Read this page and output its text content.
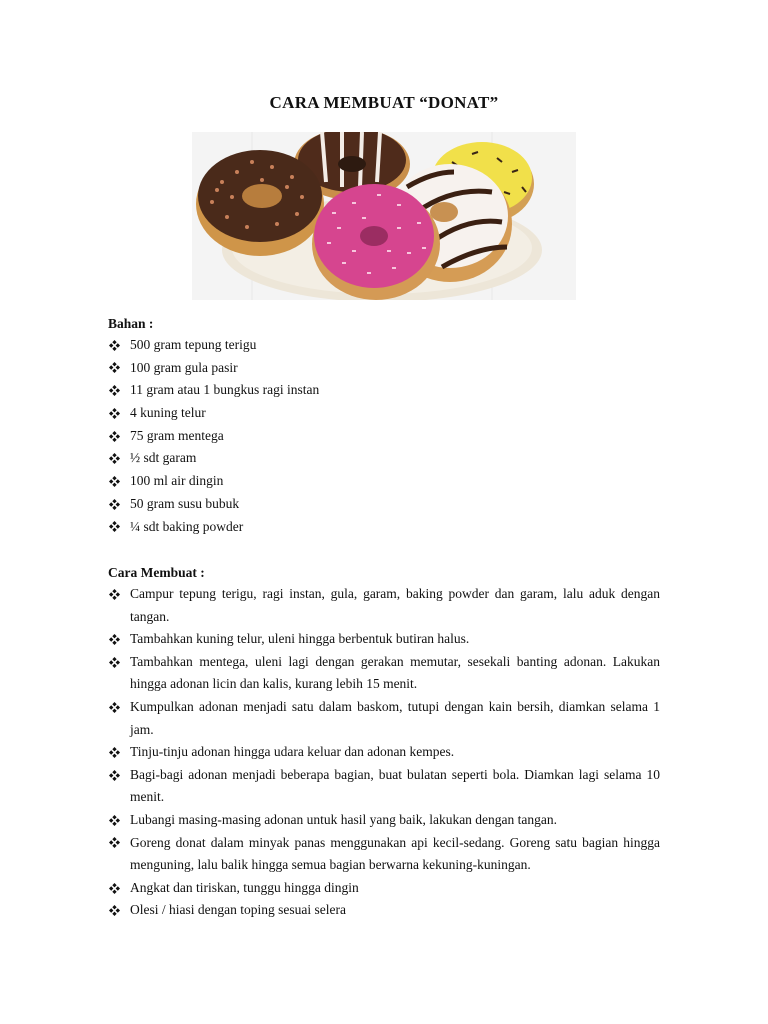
CARA MEMBUAT “DONAT”
Bahan :
500 gram tepung terigu
100 gram gula pasir
11 gram atau 1 bungkus ragi instan
4 kuning telur
75 gram mentega
½ sdt garam
100 ml air dingin
50 gram susu bubuk
¼ sdt baking powder
Cara Membuat :
Campur tepung terigu, ragi instan, gula, garam, baking powder dan garam, lalu aduk dengan tangan.
Tambahkan kuning telur, uleni hingga berbentuk butiran halus.
Tambahkan mentega, uleni lagi dengan gerakan memutar, sesekali banting adonan. Lakukan hingga adonan licin dan kalis, kurang lebih 15 menit.
Kumpulkan adonan menjadi satu dalam baskom, tutupi dengan kain bersih, diamkan selama 1 jam.
Tinju-tinju adonan hingga udara keluar dan adonan kempes.
Bagi-bagi adonan menjadi beberapa bagian, buat bulatan seperti bola. Diamkan lagi selama 10 menit.
Lubangi masing-masing adonan untuk hasil yang baik, lakukan dengan tangan.
Goreng donat dalam minyak panas menggunakan api kecil-sedang. Goreng satu bagian hingga menguning, lalu balik hingga semua bagian berwarna kekuning-kuningan.
Angkat dan tiriskan, tunggu hingga dingin
Olesi / hiasi dengan toping sesuai selera
